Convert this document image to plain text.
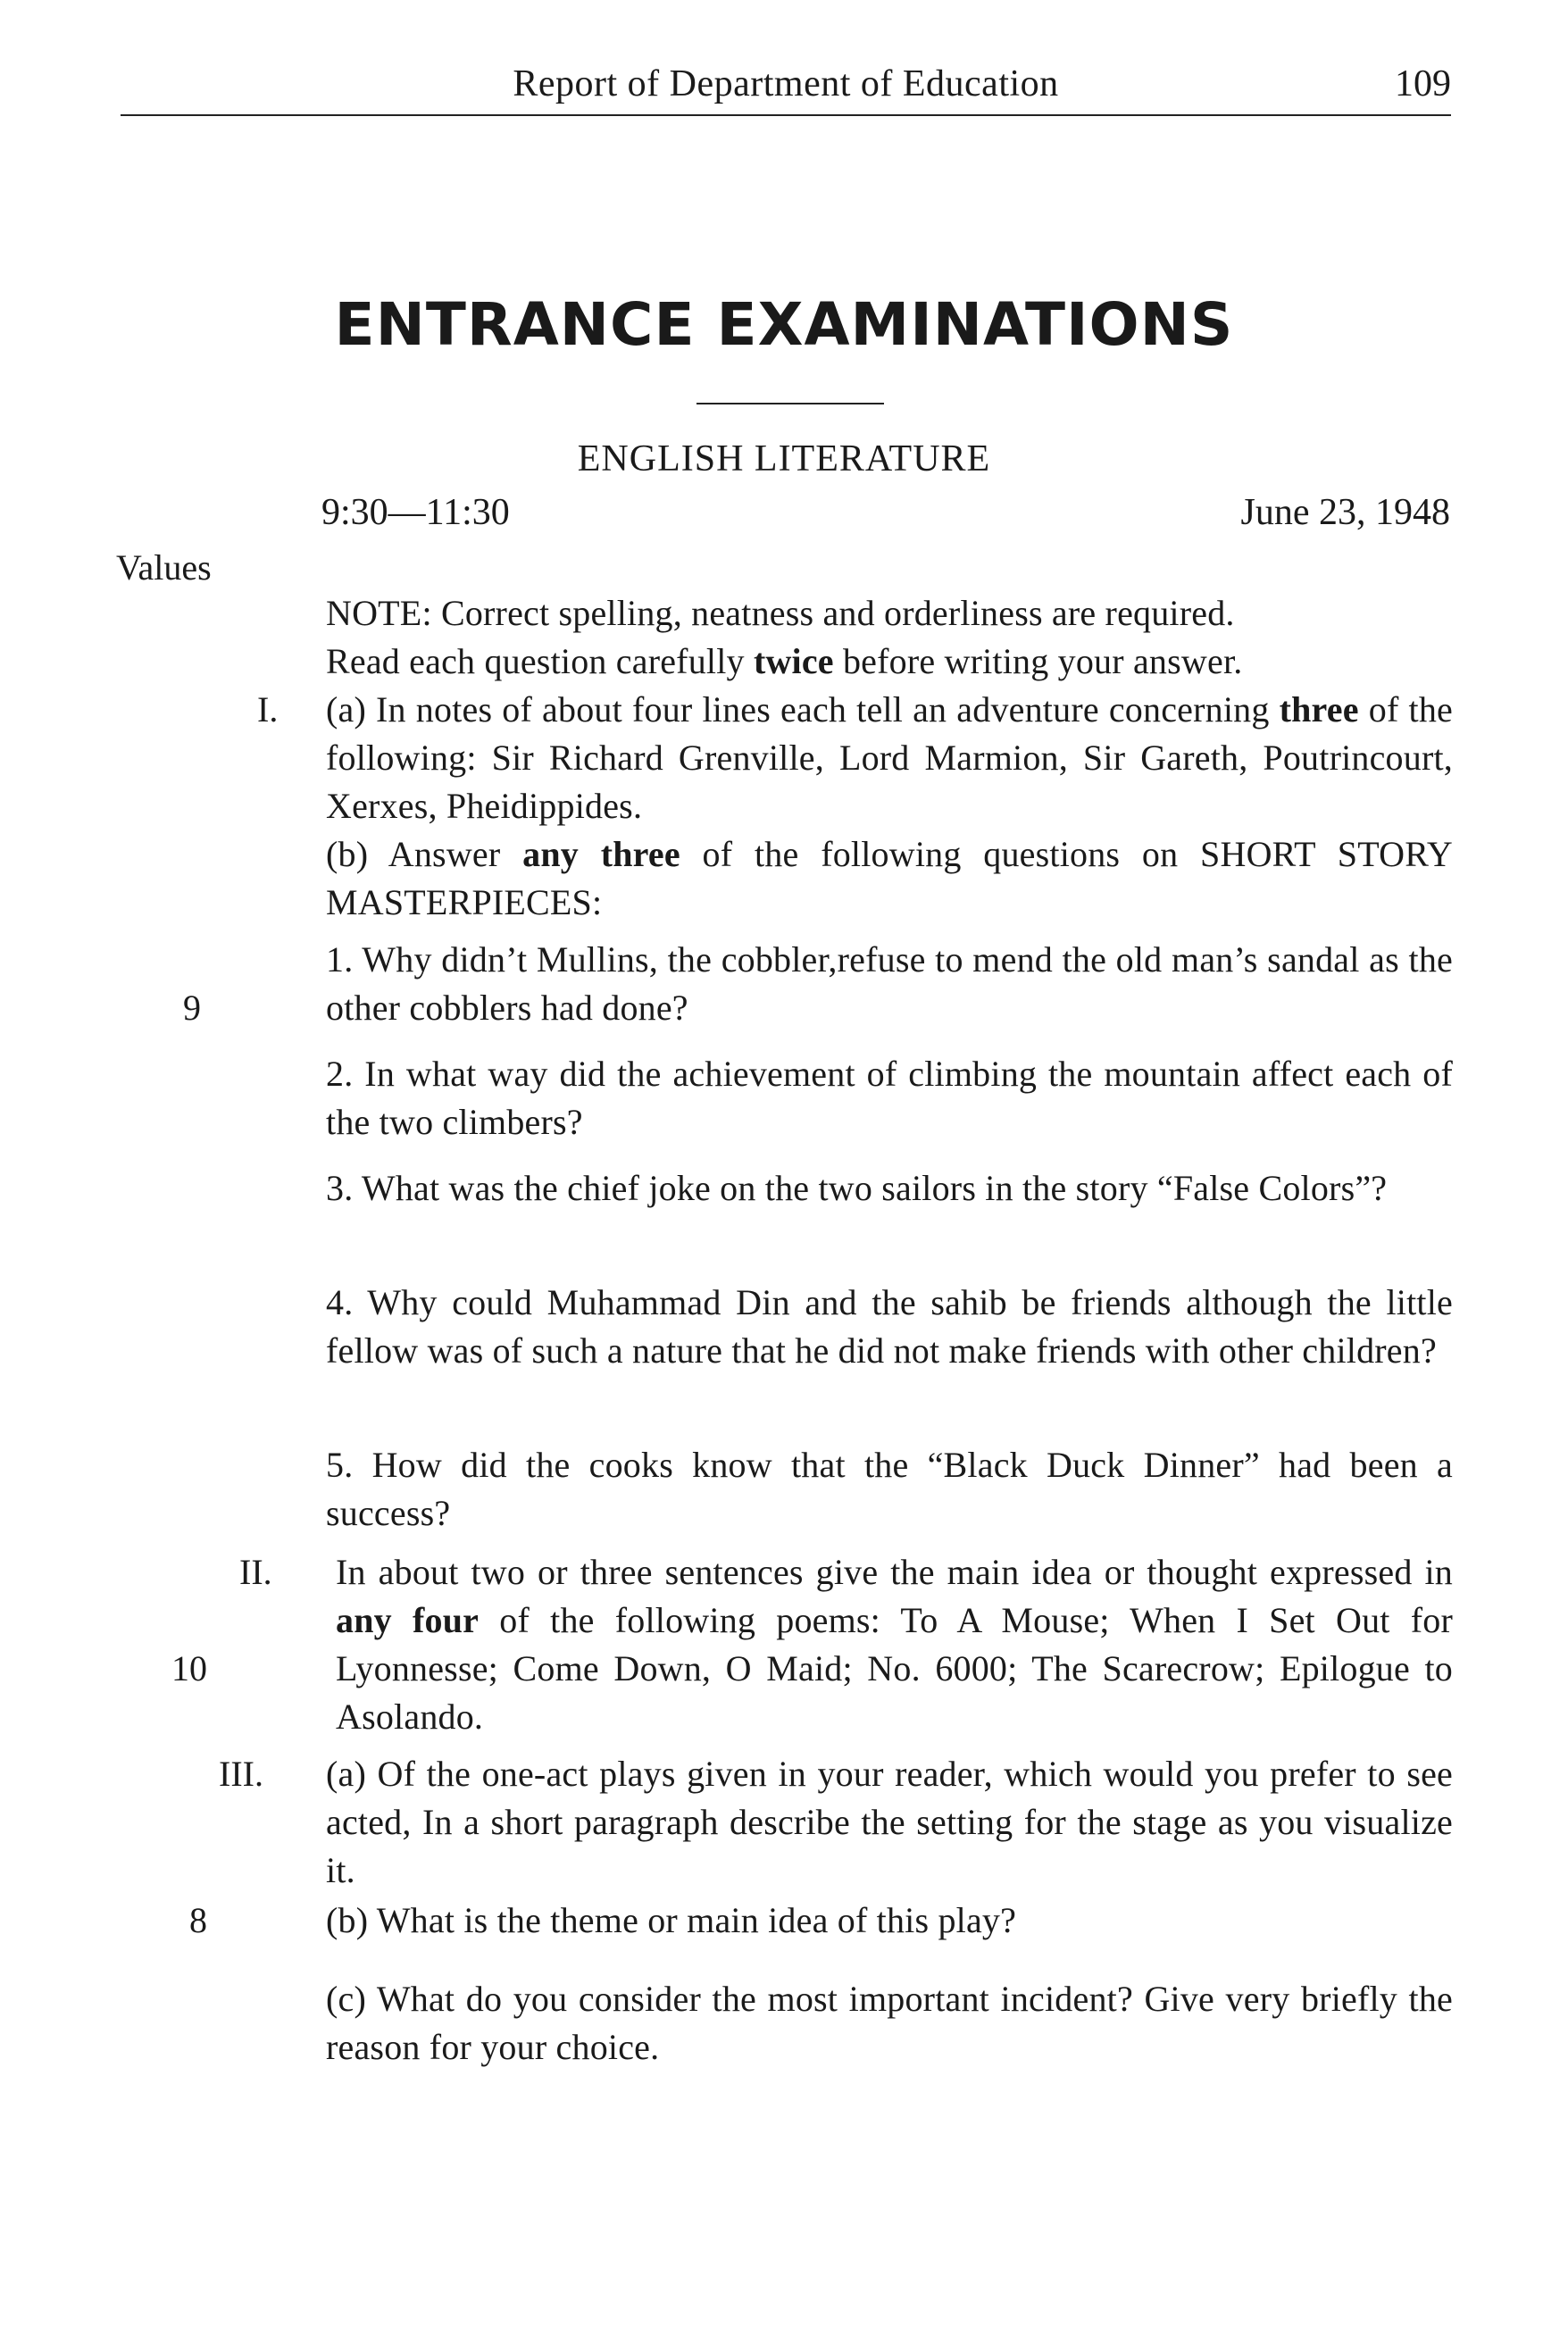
Report of Department of Education	109
ENTRANCE EXAMINATIONS
ENGLISH LITERATURE
9:30—11:30	June 23, 1948
Values
NOTE: Correct spelling, neatness and orderliness are required.
Read each question carefully twice before writing your answer.
I. (a) In notes of about four lines each tell an adventure concerning three of the following: Sir Richard Grenville, Lord Marmion, Sir Gareth, Poutrincourt, Xerxes, Pheidippides.
(b) Answer any three of the following questions on SHORT STORY MASTERPIECES:
9
1. Why didn’t Mullins, the cobbler,refuse to mend the old man’s sandal as the other cobblers had done?
2. In what way did the achievement of climbing the mountain affect each of the two climbers?
3. What was the chief joke on the two sailors in the story “False Colors”?
4. Why could Muhammad Din and the sahib be friends although the little fellow was of such a nature that he did not make friends with other children?
5. How did the cooks know that the “Black Duck Dinner” had been a success?
II.
10
In about two or three sentences give the main idea or thought expressed in any four of the following poems: To A Mouse; When I Set Out for Lyonnesse; Come Down, O Maid; No. 6000; The Scarecrow; Epilogue to Asolando.
III. (a) Of the one-act plays given in your reader, which would you prefer to see acted, In a short paragraph describe the setting for the stage as you visualize it.
8	(b) What is the theme or main idea of this play?
(c) What do you consider the most important incident? Give very briefly the reason for your choice.
